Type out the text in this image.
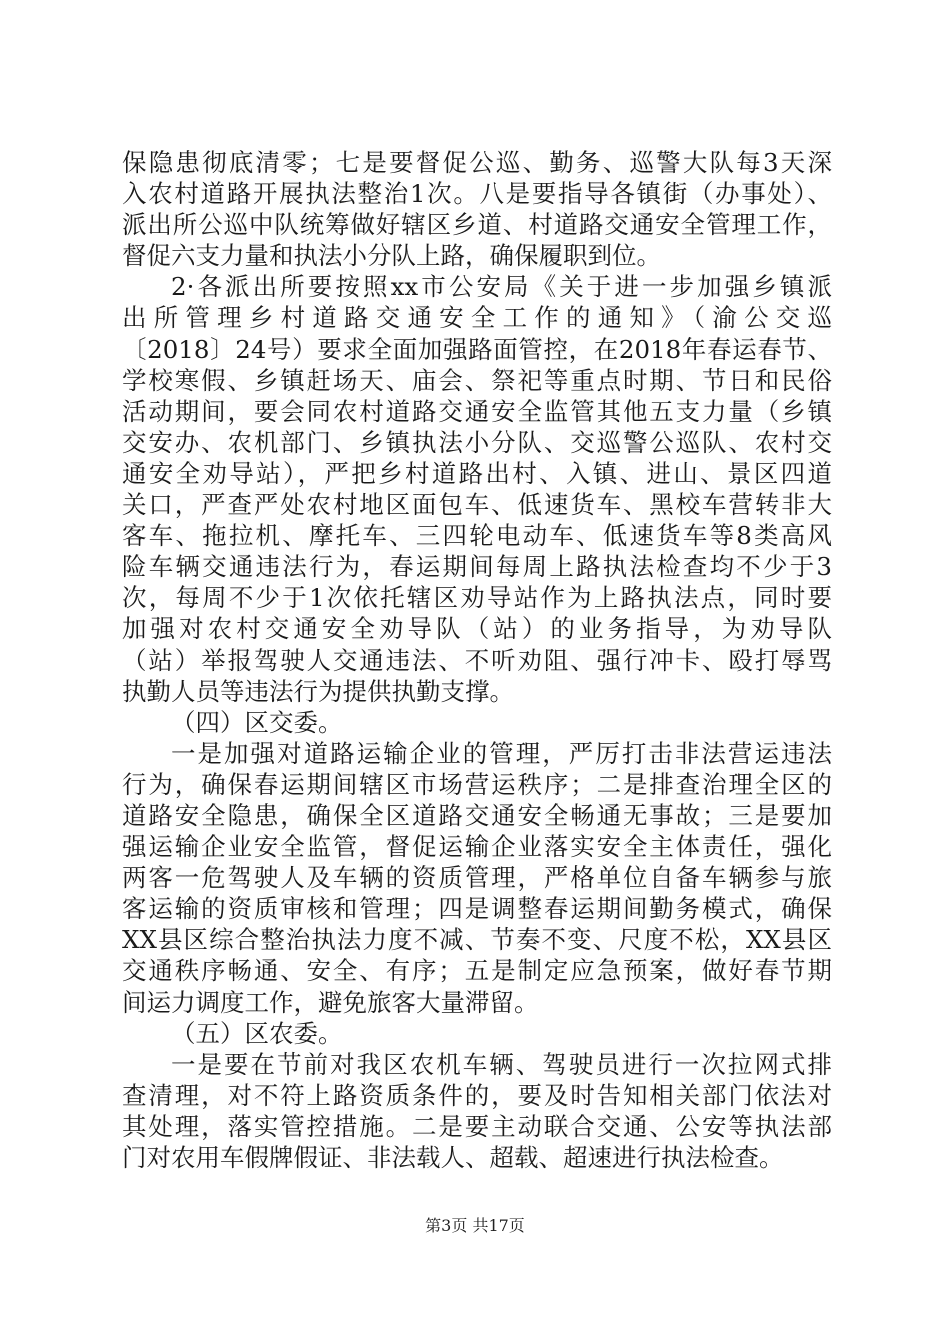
保隐患彻底清零；七是要督促公巡、勤务、巡警大队每3天深
入农村道路开展执法整治1次。八是要指导各镇街（办事处）、
派出所公巡中队统筹做好辖区乡道、村道路交通安全管理工作，
督促六支力量和执法小分队上路，确保履职到位。
2·各派出所要按照xx市公安局《关于进一步加强乡镇派
出所管理乡村道路交通安全工作的通知》（渝公交巡
〔2018〕24号）要求全面加强路面管控，在2018年春运春节、
学校寒假、乡镇赶场天、庙会、祭祀等重点时期、节日和民俗
活动期间，要会同农村道路交通安全监管其他五支力量（乡镇
交安办、农机部门、乡镇执法小分队、交巡警公巡队、农村交
通安全劝导站），严把乡村道路出村、入镇、进山、景区四道
关口，严查严处农村地区面包车、低速货车、黑校车营转非大
客车、拖拉机、摩托车、三四轮电动车、低速货车等8类高风
险车辆交通违法行为，春运期间每周上路执法检查均不少于3
次，每周不少于1次依托辖区劝导站作为上路执法点，同时要
加强对农村交通安全劝导队（站）的业务指导，为劝导队
（站）举报驾驶人交通违法、不听劝阻、强行冲卡、殴打辱骂
执勤人员等违法行为提供执勤支撑。
（四）区交委。
一是加强对道路运输企业的管理，严厉打击非法营运违法
行为，确保春运期间辖区市场营运秩序；二是排查治理全区的
道路安全隐患，确保全区道路交通安全畅通无事故；三是要加
强运输企业安全监管，督促运输企业落实安全主体责任，强化
两客一危驾驶人及车辆的资质管理，严格单位自备车辆参与旅
客运输的资质审核和管理；四是调整春运期间勤务模式，确保
XX县区综合整治执法力度不减、节奏不变、尺度不松，XX县区
交通秩序畅通、安全、有序；五是制定应急预案，做好春节期
间运力调度工作，避免旅客大量滞留。
（五）区农委。
一是要在节前对我区农机车辆、驾驶员进行一次拉网式排
查清理，对不符上路资质条件的，要及时告知相关部门依法对
其处理，落实管控措施。二是要主动联合交通、公安等执法部
门对农用车假牌假证、非法载人、超载、超速进行执法检查。
第3页 共17页
